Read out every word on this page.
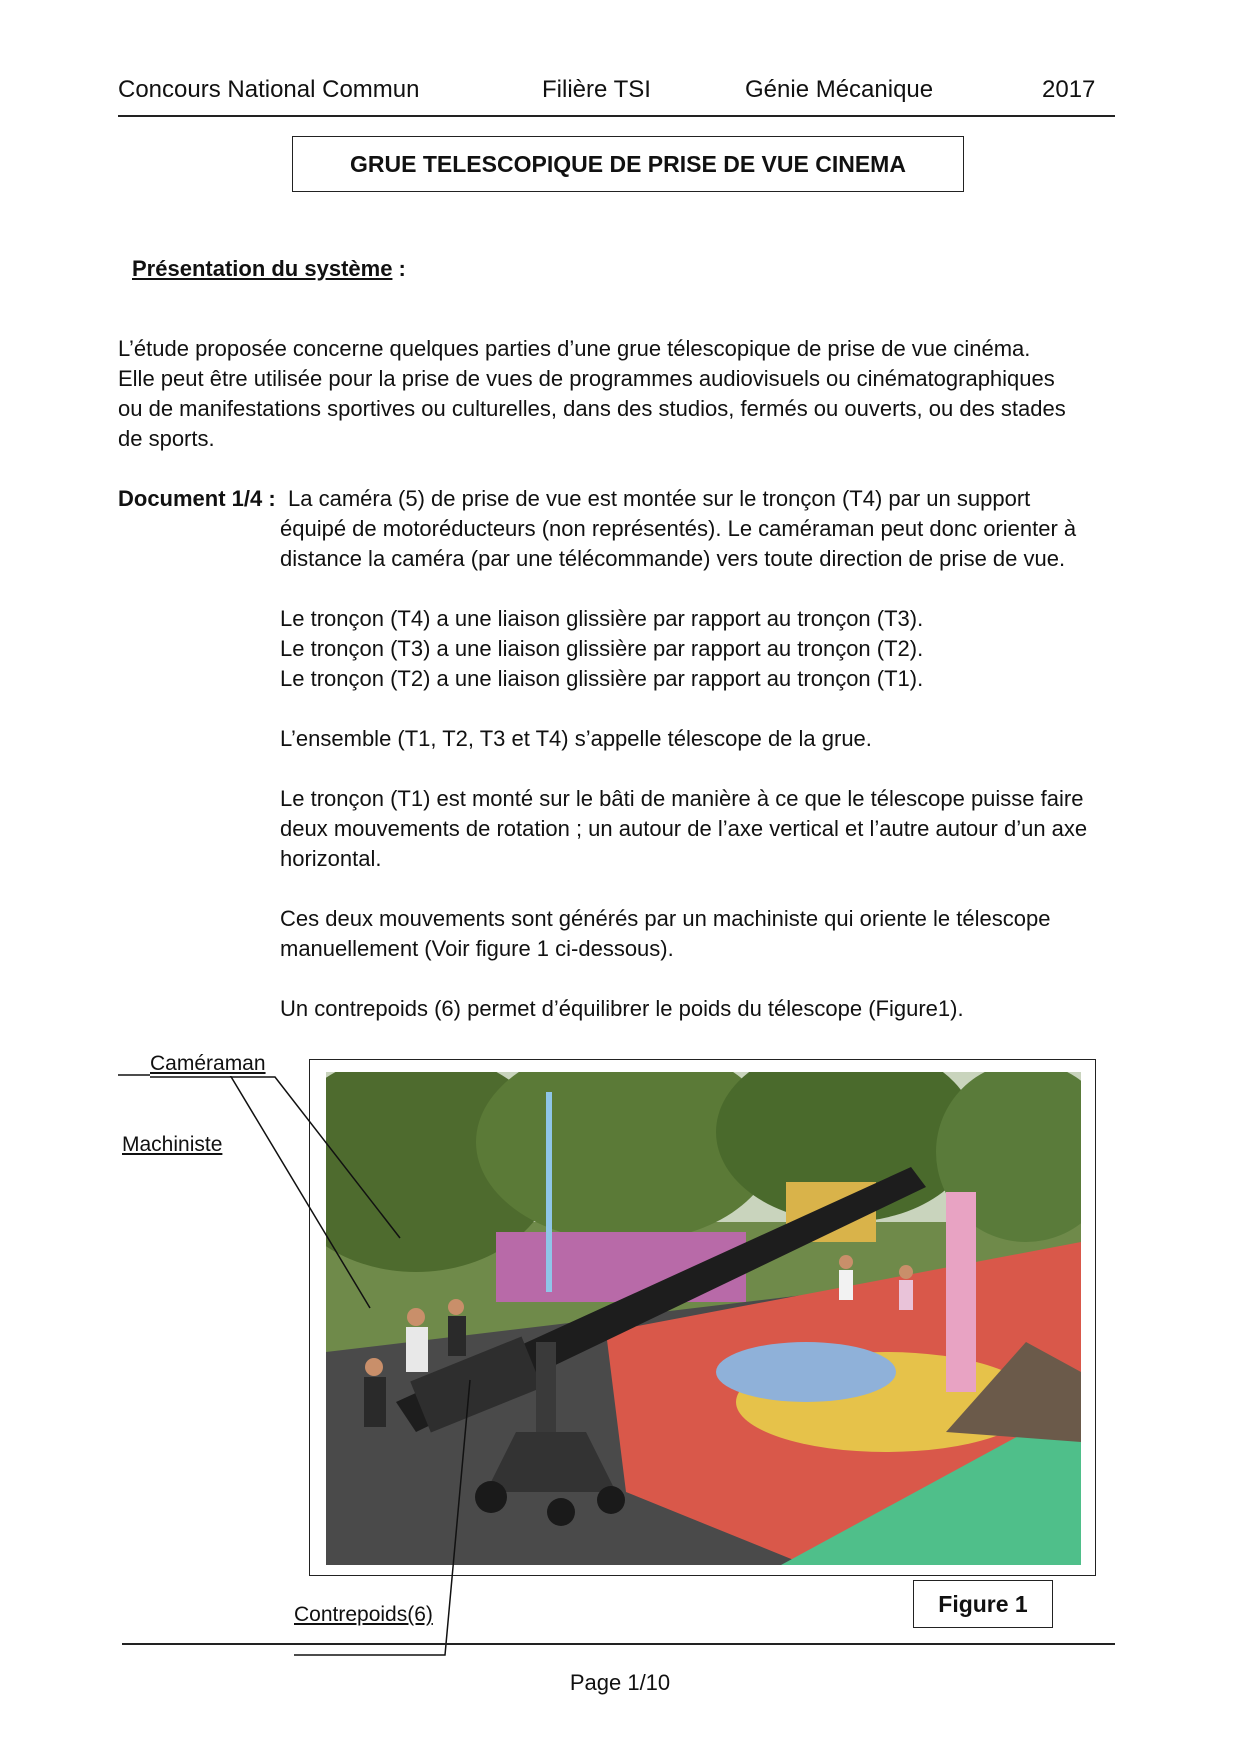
Concours National Commun	Filière TSI	Génie Mécanique	2017
GRUE TELESCOPIQUE DE PRISE DE VUE CINEMA
Présentation du système :
L’étude proposée concerne quelques parties d’une grue télescopique de prise de vue cinéma.
Elle peut être utilisée pour la prise de vues de programmes audiovisuels ou cinématographiques
ou de manifestations sportives ou culturelles, dans des studios, fermés ou ouverts, ou des stades
de sports.
Document 1/4 : La caméra (5) de prise de vue est montée sur le tronçon (T4) par un support
équipé de motoréducteurs (non représentés). Le caméraman peut donc orienter à
distance la caméra (par une télécommande) vers toute direction de prise de vue.
Le tronçon (T4) a une liaison glissière par rapport au tronçon (T3).
Le tronçon (T3) a une liaison glissière par rapport au tronçon (T2).
Le tronçon (T2) a une liaison glissière par rapport au tronçon (T1).
L’ensemble (T1, T2, T3 et T4) s’appelle télescope de la grue.
Le tronçon (T1) est monté sur le bâti de manière à ce que le télescope puisse faire
deux mouvements de rotation ; un autour de l’axe vertical et l’autre autour d’un axe
horizontal.
Ces deux mouvements sont générés par un machiniste qui oriente le télescope
manuellement (Voir figure 1 ci-dessous).
Un contrepoids (6) permet d’équilibrer le poids du télescope (Figure1).
Caméraman
Machiniste
Contrepoids(6)	Figure 1
Page 1/10
